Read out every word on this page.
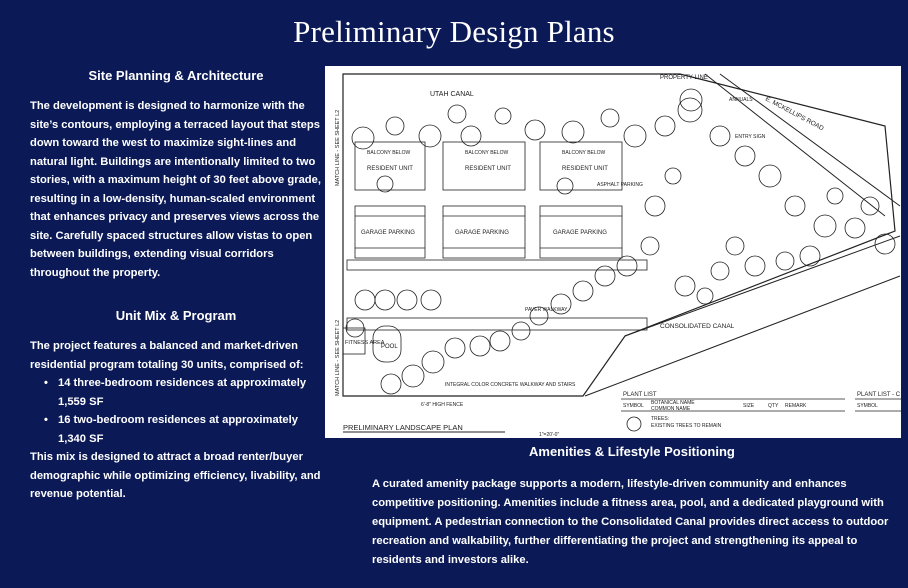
Preliminary Design Plans
Site Planning & Architecture
The development is designed to harmonize with the site’s contours, employing a terraced layout that steps down toward the west to maximize sight-lines and natural light. Buildings are intentionally limited to two stories, with a maximum height of 30 feet above grade, resulting in a low-density, human-scaled environment that enhances privacy and preserves views across the site. Carefully spaced structures allow vistas to open between buildings, extending visual corridors throughout the property.
Unit Mix & Program
The project features a balanced and market-driven residential program totaling 30 units, comprised of:
• 14 three-bedroom residences at approximately 1,559 SF
• 16 two-bedroom residences at approximately 1,340 SF
This mix is designed to attract a broad renter/buyer demographic while optimizing efficiency, livability, and revenue potential.
UTAH CANAL
PROPERTY LINE
E. MCKELLIPS ROAD
RESIDENT UNIT	RESIDENT UNIT	RESIDENT UNIT
BALCONY BELOW	BALCONY BELOW	BALCONY BELOW
GARAGE PARKING	GARAGE PARKING	GARAGE PARKING
FITNESS AREA
POOL
CONSOLIDATED CANAL
ASPHALT PARKING
PAVER WALKWAY
ANNUALS
ENTRY SIGN
INTEGRAL COLOR CONCRETE WALKWAY AND STAIRS
6'-8" HIGH FENCE
MATCH LINE - SEE SHEET L2
MATCH LINE - SEE SHEET L2
PRELIMINARY LANDSCAPE PLAN
1"=20'-0"
PLANT LIST	PLANT LIST - C
SYMBOL	SYMBOL
BOTANICAL NAME
COMMON NAME	SIZE	QTY REMARK
TREES:
EXISTING TREES TO REMAIN
Amenities & Lifestyle Positioning
A curated amenity package supports a modern, lifestyle-driven community and enhances competitive positioning. Amenities include a fitness area, pool, and a dedicated playground with equipment. A pedestrian connection to the Consolidated Canal provides direct access to outdoor recreation and walkability, further differentiating the project and strengthening its appeal to residents and investors alike.
